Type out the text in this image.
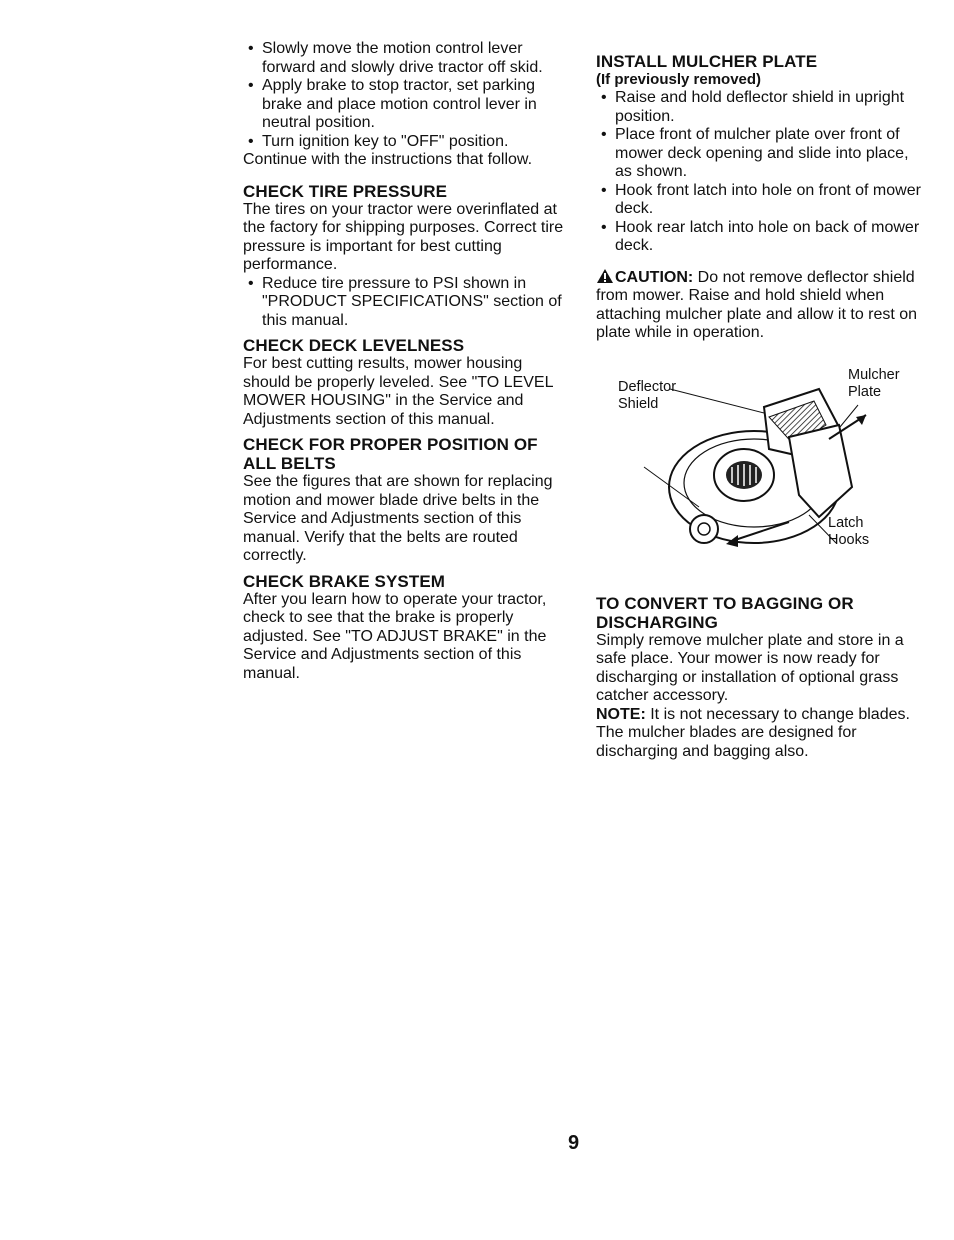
• Slowly move the motion control lever forward and slowly drive tractor off skid.
• Apply brake to stop tractor, set parking brake and place motion control lever in neutral position.
• Turn ignition key to "OFF" position.

Continue with the instructions that follow.

CHECK TIRE PRESSURE

The tires on your tractor were overinflated at the factory for shipping purposes. Correct tire pressure is important for best cutting performance.

• Reduce tire pressure to PSI shown in "PRODUCT SPECIFICATIONS" section of this manual.
CHECK DECK LEVELNESS

For best cutting results, mower housing should be properly leveled. See "TO LEVEL MOWER HOUSING" in the Service and Adjustments section of this manual.

CHECK FOR PROPER POSITION OF ALL BELTS

See the figures that are shown for replacing motion and mower blade drive belts in the Service and Adjustments section of this manual. Verify that the belts are routed correctly.

CHECK BRAKE SYSTEM

After you learn how to operate your tractor, check to see that the brake is properly adjusted. See "TO ADJUST BRAKE" in the Service and Adjustments section of this manual.

INSTALL MULCHER PLATE

(If previously removed)

• Raise and hold deflector shield in upright position.
• Place front of mulcher plate over front of mower deck opening and slide into place, as shown.
• Hook front latch into hole on front of mower deck.
• Hook rear latch into hole on back of mower deck.

CAUTION: Do not remove deflector shield from mower. Raise and hold shield when attaching mulcher plate and allow it to rest on plate while in operation.

Deflector Shield
Mulcher Plate
Latch Hooks
TO CONVERT TO BAGGING OR DISCHARGING

Simply remove mulcher plate and store in a safe place. Your mower is now ready for discharging or installation of optional grass catcher accessory.

NOTE: It is not necessary to change blades. The mulcher blades are designed for discharging and bagging also.

9
